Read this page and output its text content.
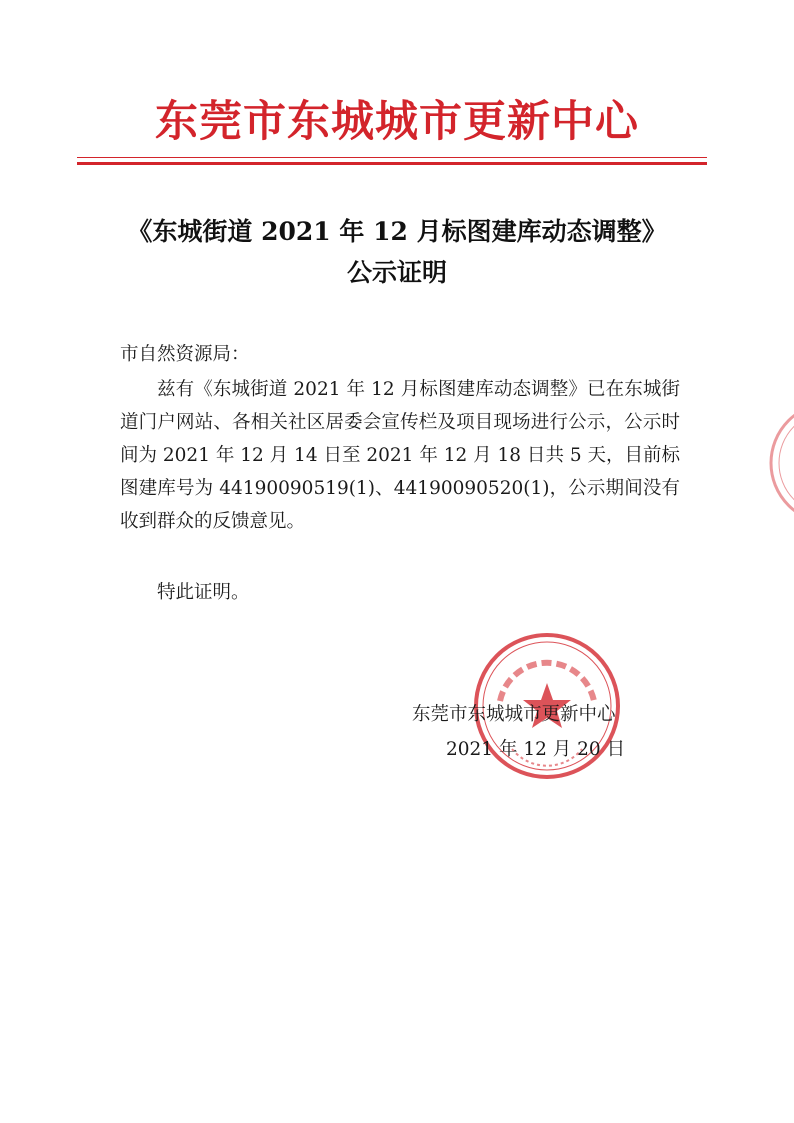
东莞市东城城市更新中心
《东城街道 2021 年 12 月标图建库动态调整》
公示证明
市自然资源局：
兹有《东城街道 2021 年 12 月标图建库动态调整》已在东城街道门户网站、各相关社区居委会宣传栏及项目现场进行公示，公示时间为 2021 年 12 月 14 日至 2021 年 12 月 18 日共 5 天，目前标图建库号为 44190090519(1)、44190090520(1)，公示期间没有收到群众的反馈意见。
特此证明。
东莞市东城城市更新中心
2021 年 12 月 20 日
